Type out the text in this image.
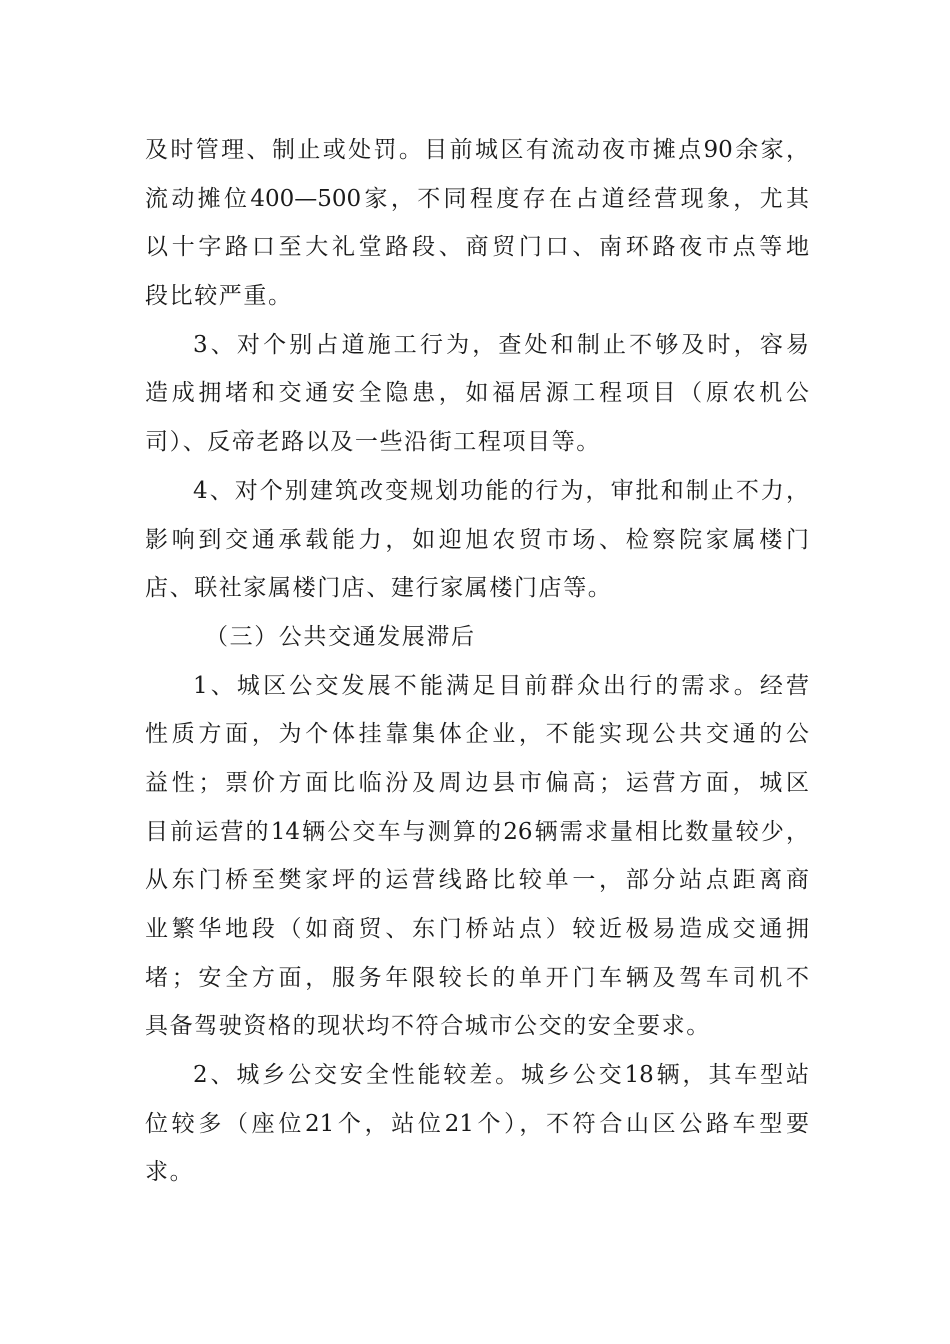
及时管理、制止或处罚。目前城区有流动夜市摊点90余家，
流动摊位400—500家，不同程度存在占道经营现象，尤其
以十字路口至大礼堂路段、商贸门口、南环路夜市点等地
段比较严重。
3、对个别占道施工行为，查处和制止不够及时，容易
造成拥堵和交通安全隐患，如福居源工程项目（原农机公
司）、反帝老路以及一些沿街工程项目等。
4、对个别建筑改变规划功能的行为，审批和制止不力，
影响到交通承载能力，如迎旭农贸市场、检察院家属楼门
店、联社家属楼门店、建行家属楼门店等。
（三）公共交通发展滞后
1、城区公交发展不能满足目前群众出行的需求。经营
性质方面，为个体挂靠集体企业，不能实现公共交通的公
益性；票价方面比临汾及周边县市偏高；运营方面，城区
目前运营的14辆公交车与测算的26辆需求量相比数量较少，
从东门桥至樊家坪的运营线路比较单一，部分站点距离商
业繁华地段（如商贸、东门桥站点）较近极易造成交通拥
堵；安全方面，服务年限较长的单开门车辆及驾车司机不
具备驾驶资格的现状均不符合城市公交的安全要求。
2、城乡公交安全性能较差。城乡公交18辆，其车型站
位较多（座位21个，站位21个），不符合山区公路车型要
求。
